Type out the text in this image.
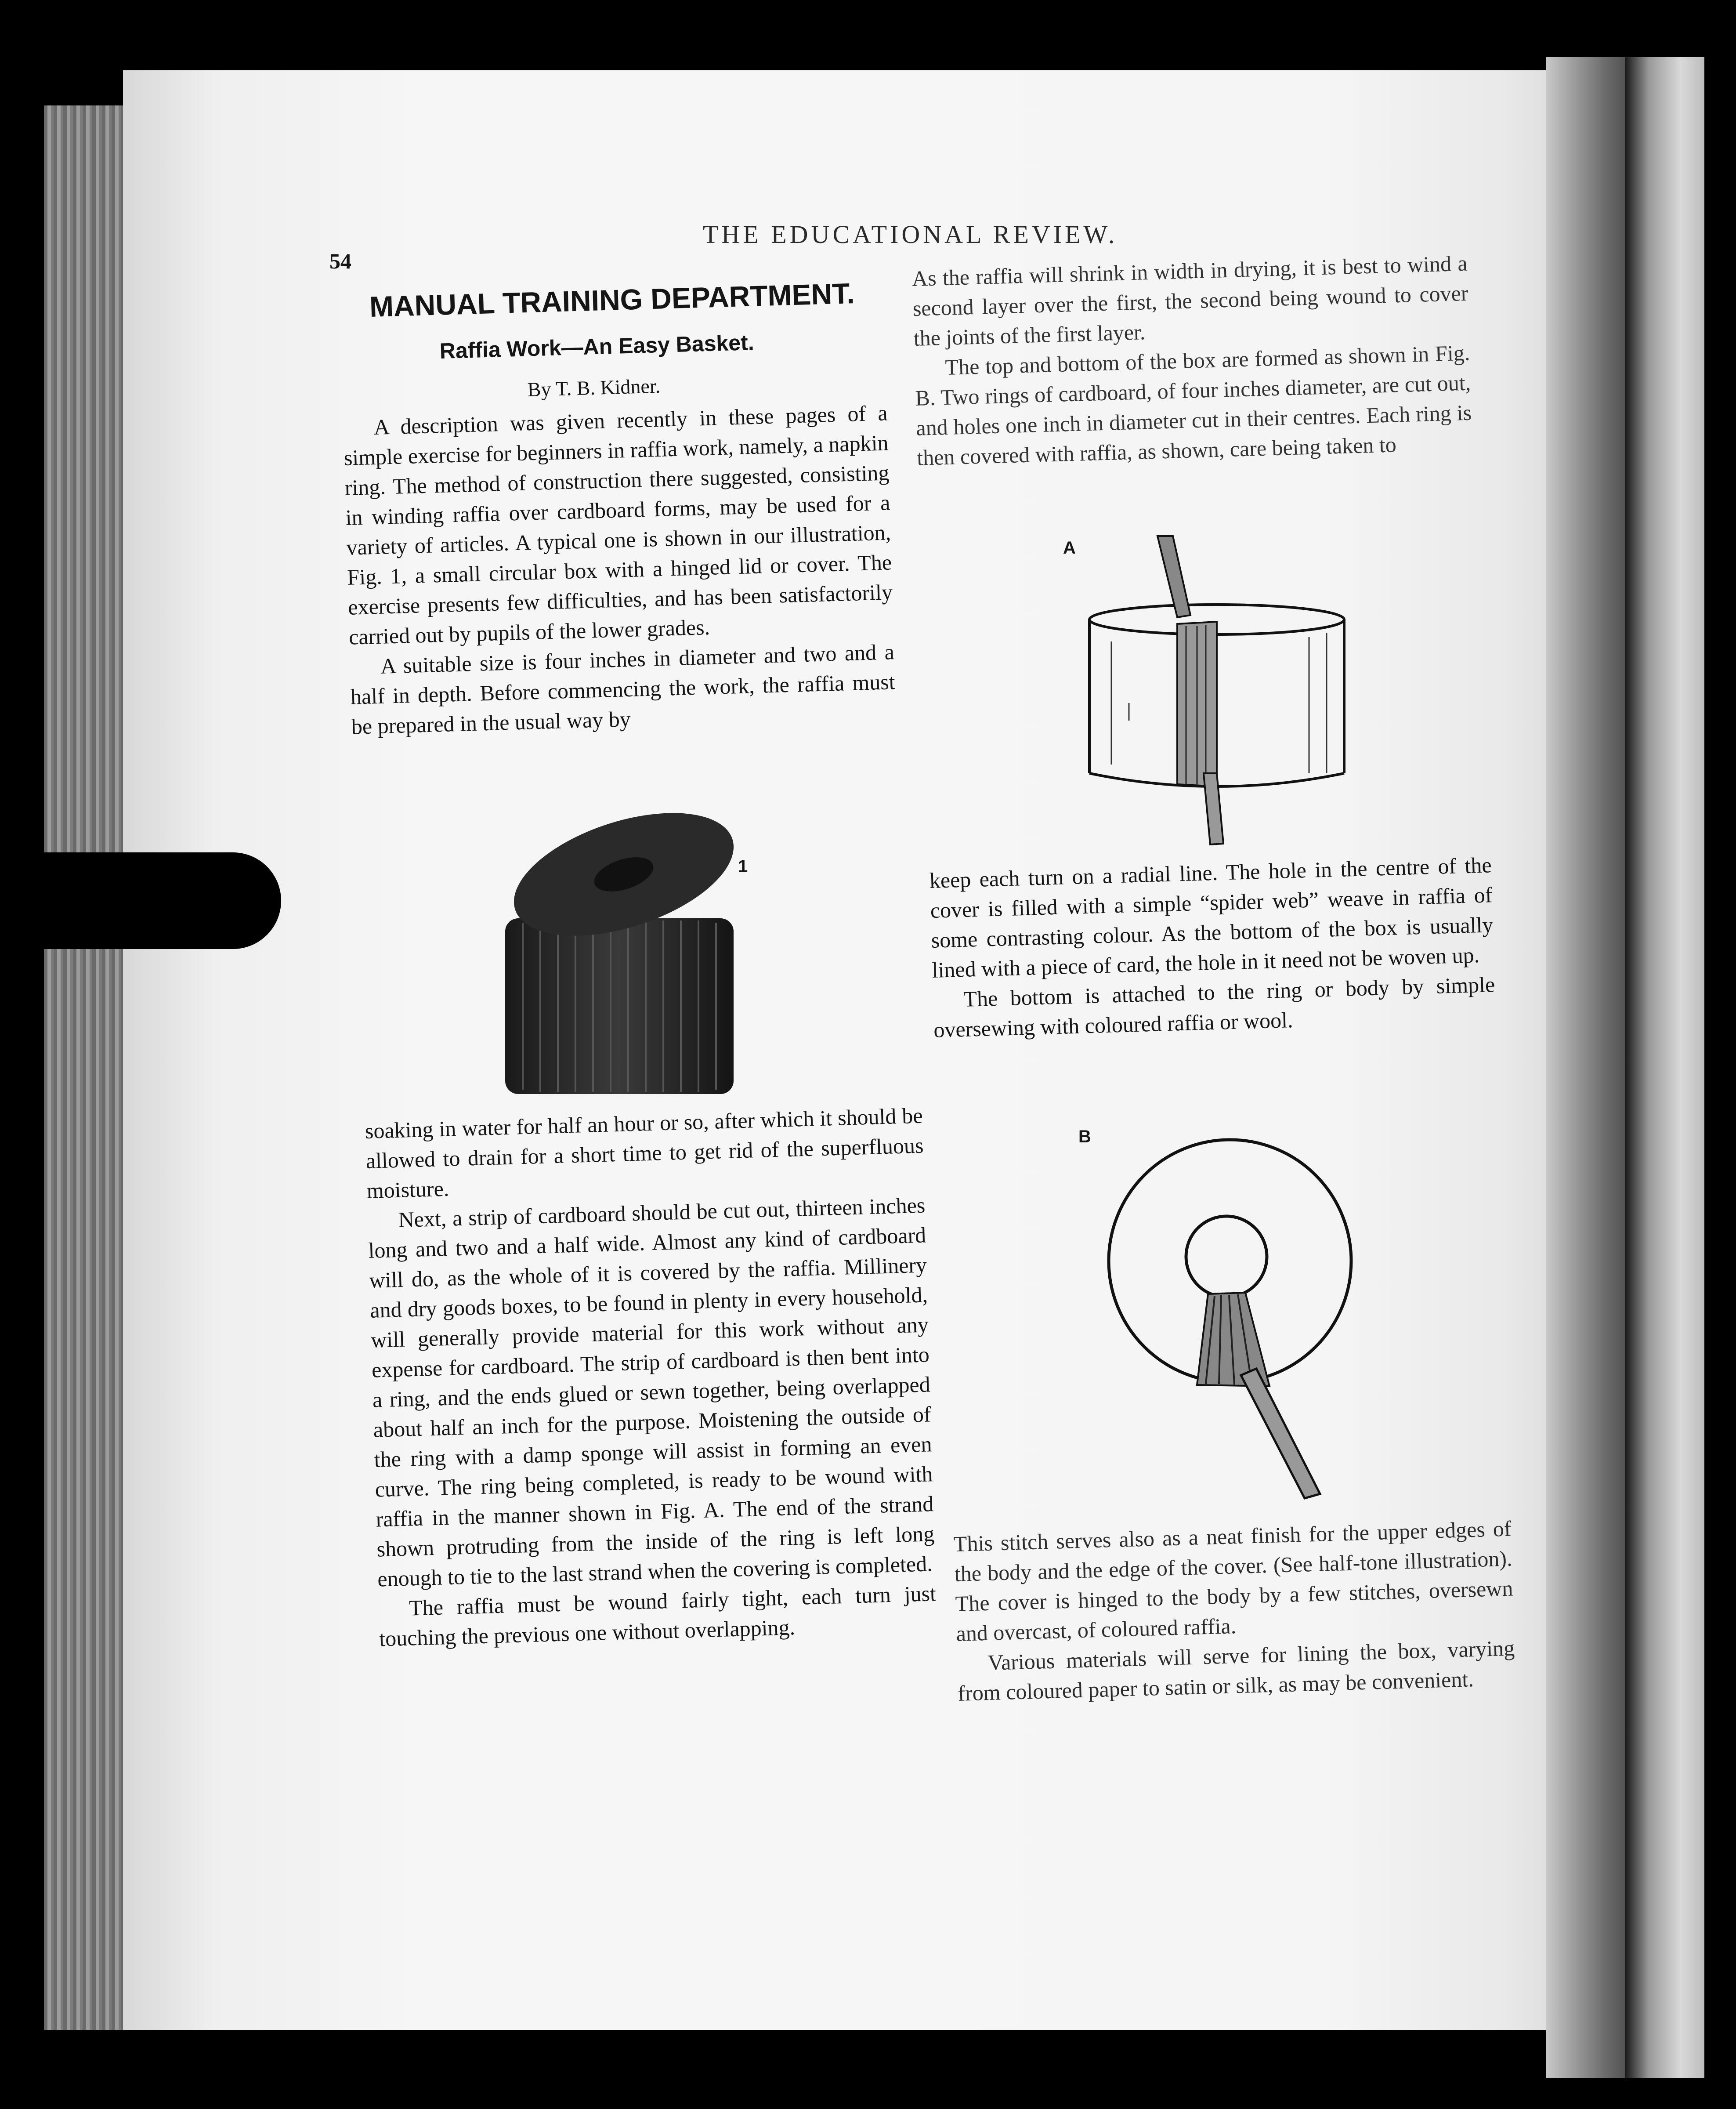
54
THE EDUCATIONAL REVIEW.
MANUAL TRAINING DEPARTMENT.
Raffia Work—An Easy Basket.
By T. B. Kidner.

A description was given recently in these pages of a simple exercise for beginners in raffia work, namely, a napkin ring. The method of construction there suggested, consisting in winding raffia over cardboard forms, may be used for a variety of articles. A typical one is shown in our illustration, Fig. 1, a small circular box with a hinged lid or cover. The exercise presents few difficulties, and has been satisfactorily carried out by pupils of the lower grades.

A suitable size is four inches in diameter and two and a half in depth. Before commencing the work, the raffia must be prepared in the usual way by

1

soaking in water for half an hour or so, after which it should be allowed to drain for a short time to get rid of the superfluous moisture.

Next, a strip of cardboard should be cut out, thirteen inches long and two and a half wide. Almost any kind of cardboard will do, as the whole of it is covered by the raffia. Millinery and dry goods boxes, to be found in plenty in every household, will generally provide material for this work without any expense for cardboard. The strip of cardboard is then bent into a ring, and the ends glued or sewn together, being overlapped about half an inch for the purpose. Moistening the outside of the ring with a damp sponge will assist in forming an even curve. The ring being completed, is ready to be wound with raffia in the manner shown in Fig. A. The end of the strand shown protruding from the inside of the ring is left long enough to tie to the last strand when the covering is completed.

The raffia must be wound fairly tight, each turn just touching the previous one without overlapping.

As the raffia will shrink in width in drying, it is best to wind a second layer over the first, the second being wound to cover the joints of the first layer.

The top and bottom of the box are formed as shown in Fig. B. Two rings of cardboard, of four inches diameter, are cut out, and holes one inch in diameter cut in their centres. Each ring is then covered with raffia, as shown, care being taken to

A

keep each turn on a radial line. The hole in the centre of the cover is filled with a simple “spider web” weave in raffia of some contrasting colour. As the bottom of the box is usually lined with a piece of card, the hole in it need not be woven up.

The bottom is attached to the ring or body by simple oversewing with coloured raffia or wool.

B

This stitch serves also as a neat finish for the upper edges of the body and the edge of the cover. (See half-tone illustration). The cover is hinged to the body by a few stitches, oversewn and overcast, of coloured raffia.

Various materials will serve for lining the box, varying from coloured paper to satin or silk, as may be convenient.
